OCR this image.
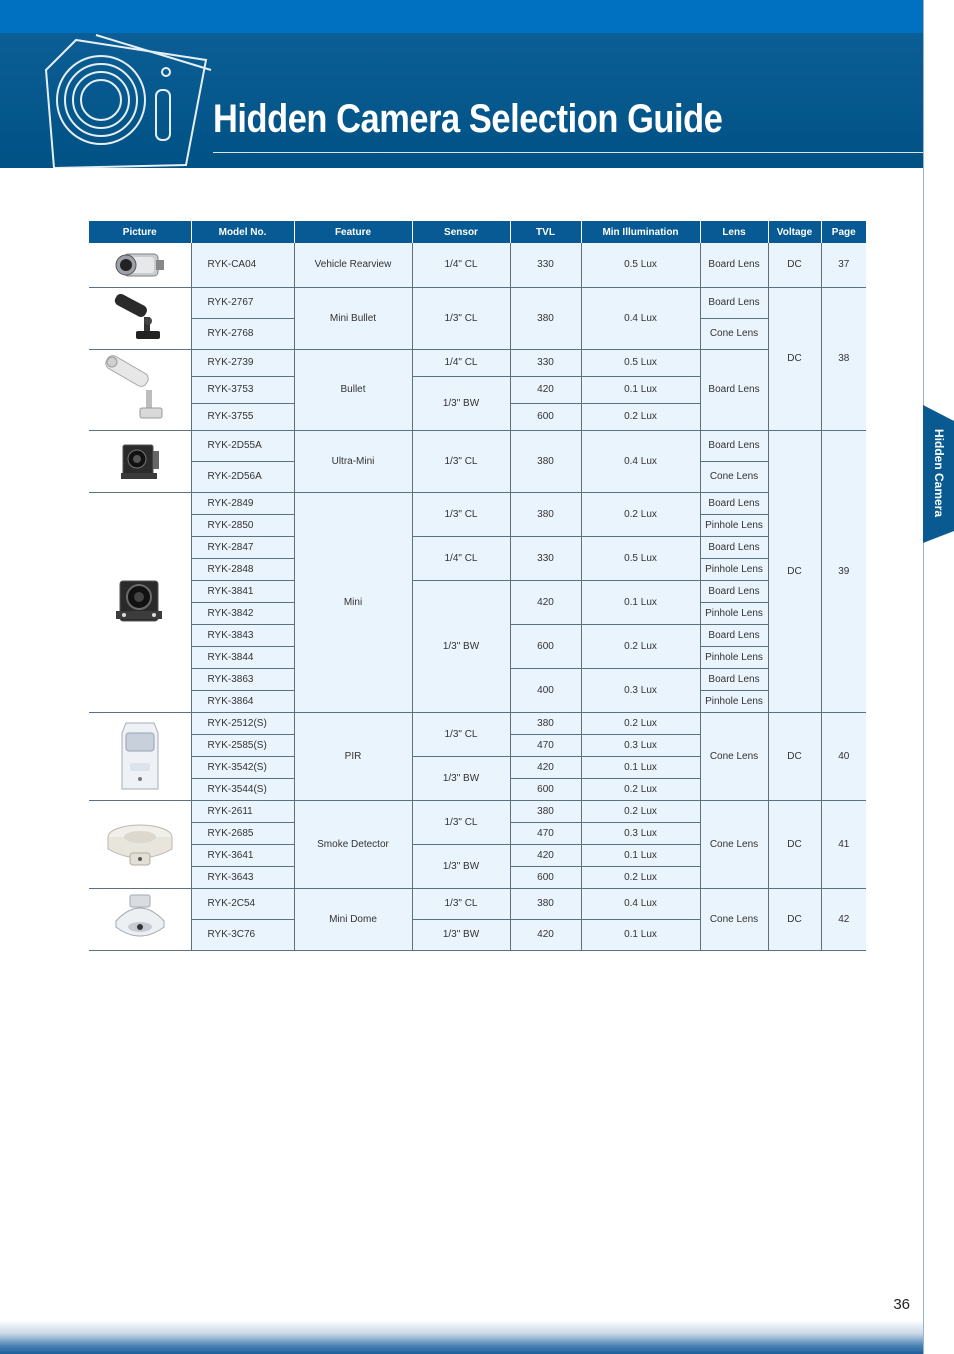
Hidden Camera Selection Guide
Hidden Camera
Picture	Model No.	Feature	Sensor	TVL	Min Illumination	Lens	Voltage	Page

	RYK-CA04	Vehicle Rearview	1/4" CL	330	0.5 Lux	Board Lens	DC	37

	RYK-2767	Mini Bullet	1/3" CL	380	0.4 Lux	Board Lens	DC	38
	RYK-2768					Cone Lens		

	RYK-2739	Bullet	1/4" CL	330	0.5 Lux	Board Lens		
	RYK-3753		1/3" BW	420	0.1 Lux			
	RYK-3755			600	0.2 Lux			

	RYK-2D55A	Ultra-Mini	1/3" CL	380	0.4 Lux	Board Lens	DC	39
	RYK-2D56A					Cone Lens		

	RYK-2849	Mini	1/3" CL	380	0.2 Lux	Board Lens		
	RYK-2850					Pinhole Lens		
	RYK-2847		1/4" CL	330	0.5 Lux	Board Lens		
	RYK-2848					Pinhole Lens		
	RYK-3841		1/3" BW	420	0.1 Lux	Board Lens		
	RYK-3842					Pinhole Lens		
	RYK-3843			600	0.2 Lux	Board Lens		
	RYK-3844					Pinhole Lens		
	RYK-3863			400	0.3 Lux	Board Lens		
	RYK-3864					Pinhole Lens		

	RYK-2512(S)	PIR	1/3" CL	380	0.2 Lux	Cone Lens	DC	40
	RYK-2585(S)			470	0.3 Lux			
	RYK-3542(S)		1/3" BW	420	0.1 Lux			
	RYK-3544(S)			600	0.2 Lux			

	RYK-2611	Smoke Detector	1/3" CL	380	0.2 Lux	Cone Lens	DC	41
	RYK-2685			470	0.3 Lux			
	RYK-3641		1/3" BW	420	0.1 Lux			
	RYK-3643			600	0.2 Lux			

	RYK-2C54	Mini Dome	1/3" CL	380	0.4 Lux	Cone Lens	DC	42
	RYK-3C76		1/3" BW	420	0.1 Lux			
36
